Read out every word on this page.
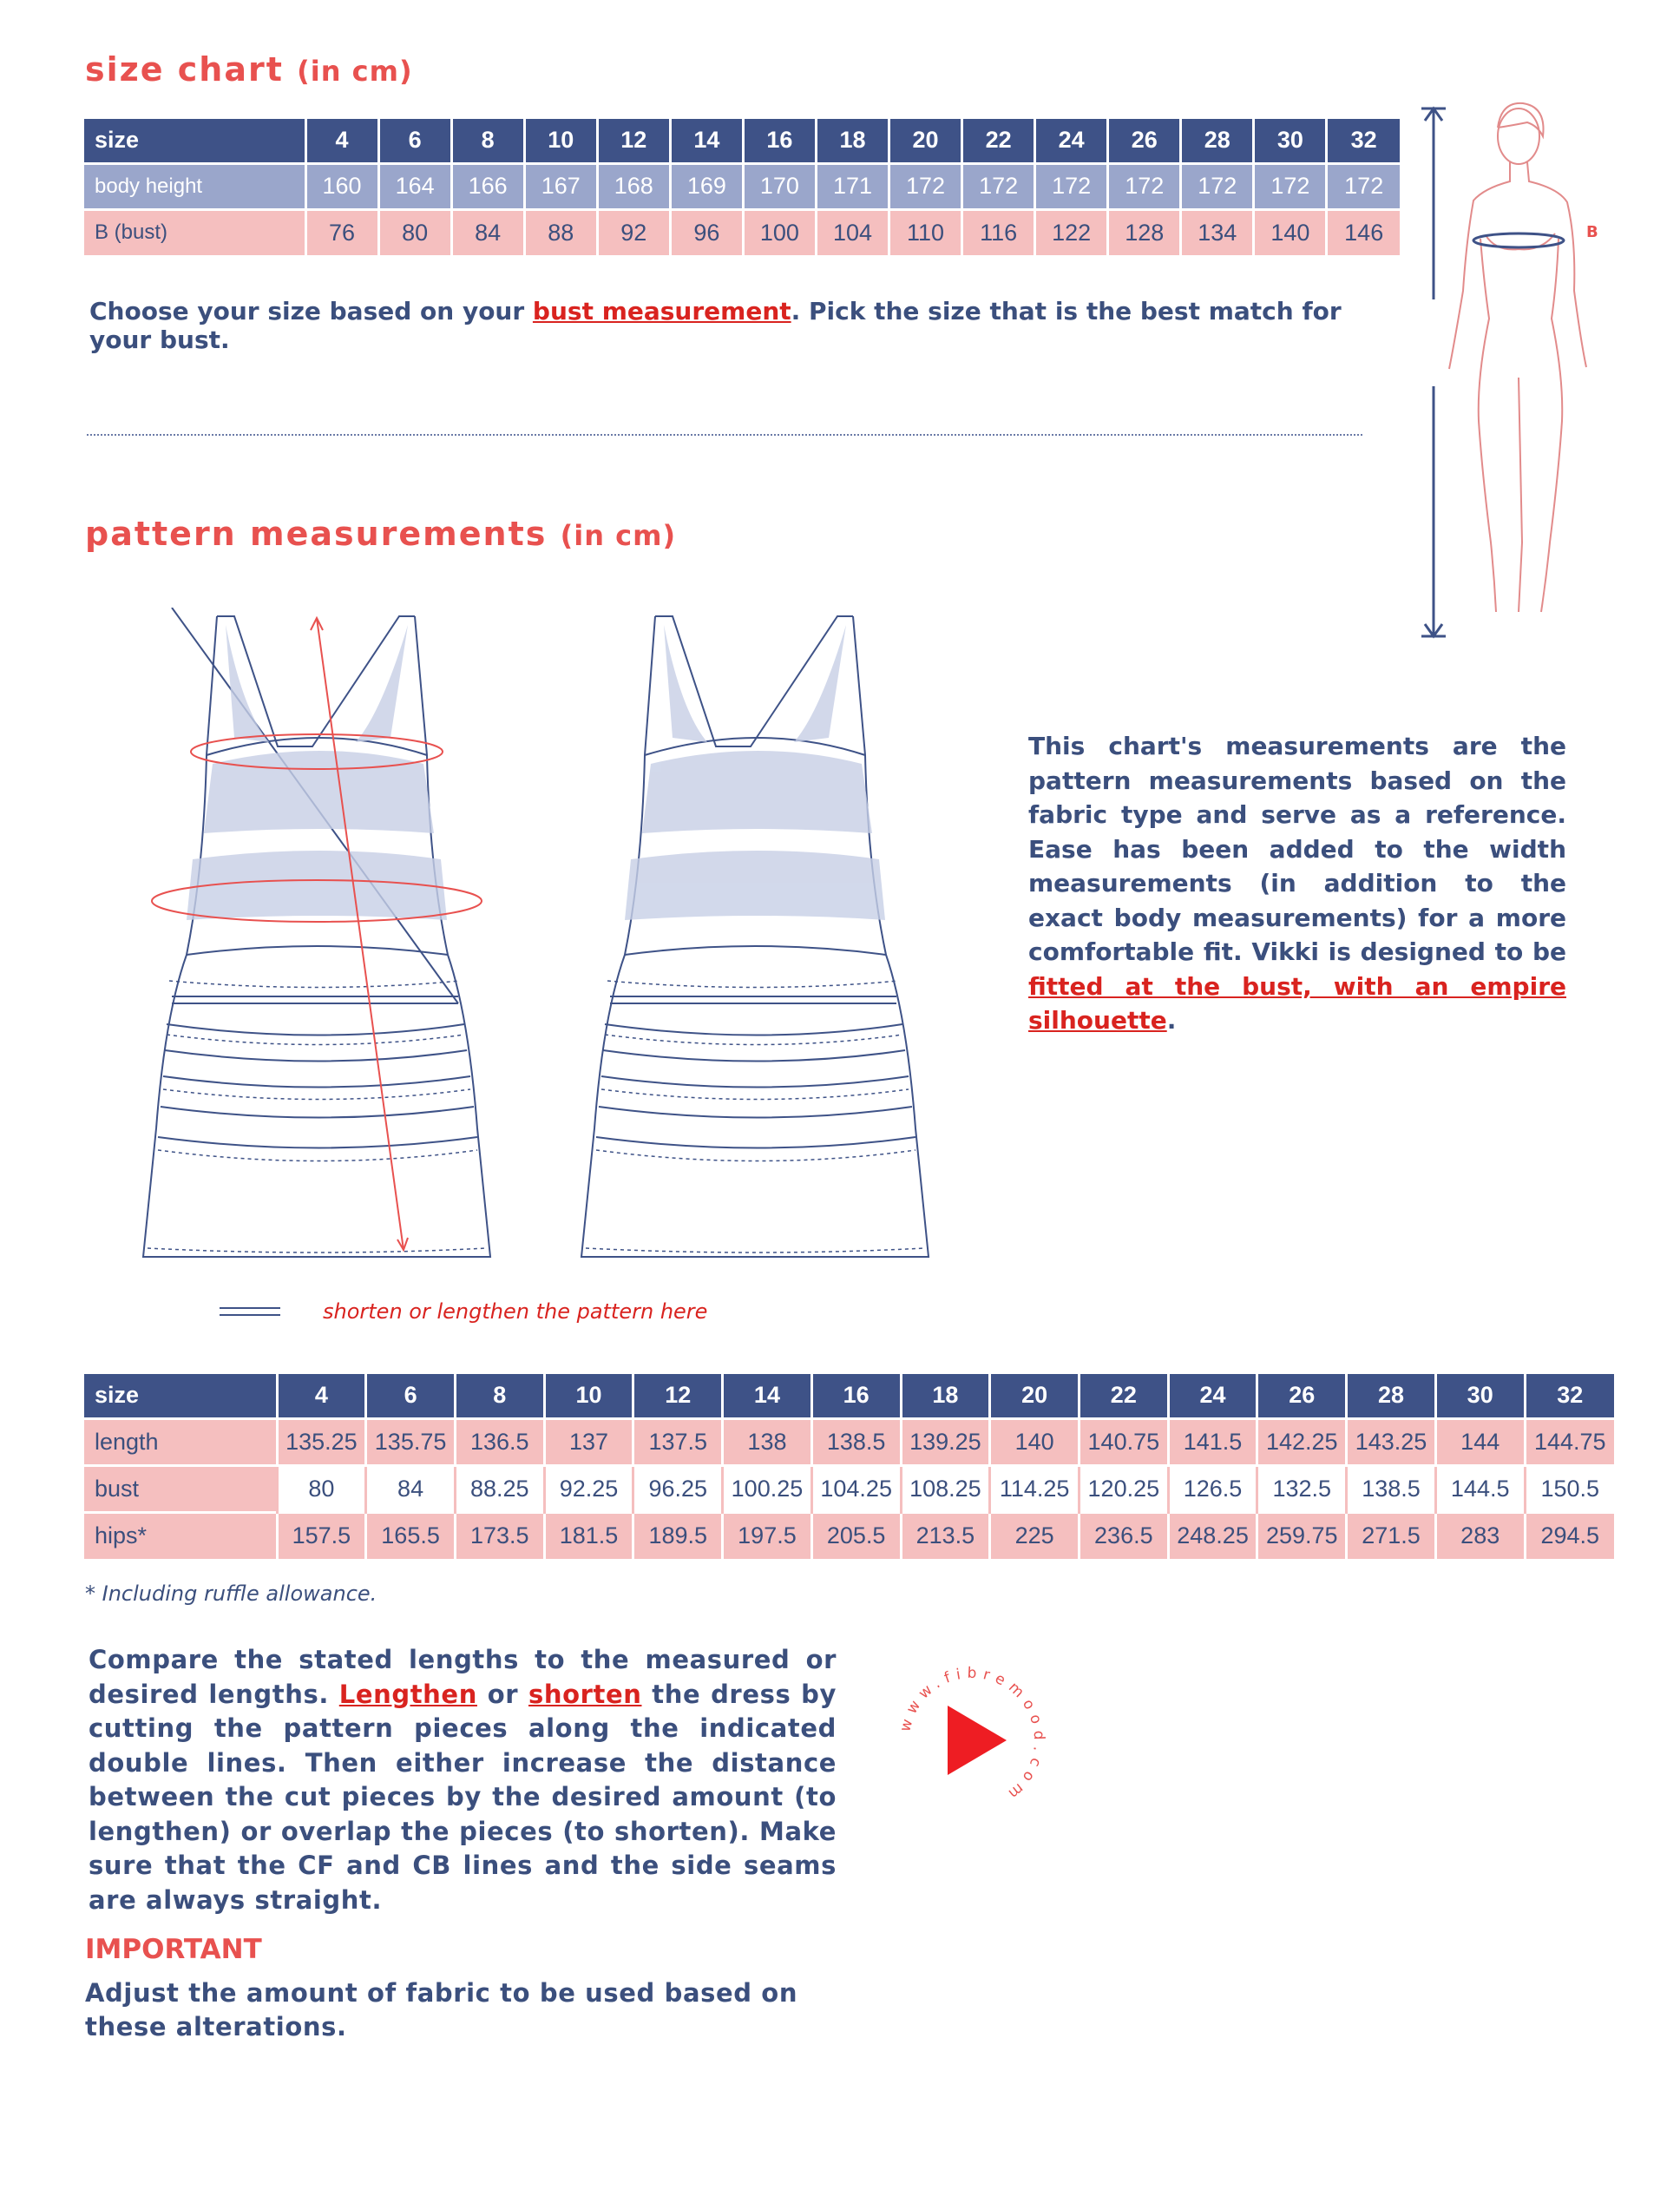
size chart (in cm)
size	4	6	8	10	12	14	16	18	20	22	24	26	28	30	32
body height	160	164	166	167	168	169	170	171	172	172	172	172	172	172	172
B (bust)	76	80	84	88	92	96	100	104	110	116	122	128	134	140	146
Choose your size based on your bust measurement. Pick the size that is the best match for your bust.
B
pattern measurements (in cm)
shorten or lengthen the pattern here
This chart's measurements are the pattern measurements based on the fabric type and serve as a reference. Ease has been added to the width measurements (in addition to the exact body measurements) for a more comfortable fit. Vikki is designed to be fitted at the bust, with an empire silhouette.
size	4	6	8	10	12	14	16	18	20	22	24	26	28	30	32
length	135.25	135.75	136.5	137	137.5	138	138.5	139.25	140	140.75	141.5	142.25	143.25	144	144.75
bust	80	84	88.25	92.25	96.25	100.25	104.25	108.25	114.25	120.25	126.5	132.5	138.5	144.5	150.5
hips*	157.5	165.5	173.5	181.5	189.5	197.5	205.5	213.5	225	236.5	248.25	259.75	271.5	283	294.5
* Including ruffle allowance.
Compare the stated lengths to the measured or desired lengths. Lengthen or shorten the dress by cutting the pattern pieces along the indicated double lines. Then either increase the distance between the cut pieces by the desired amount (to lengthen) or overlap the pieces (to shorten). Make sure that the CF and CB lines and the side seams are always straight.
www.fibremood.com
IMPORTANT
Adjust the amount of fabric to be used based on these alterations.
